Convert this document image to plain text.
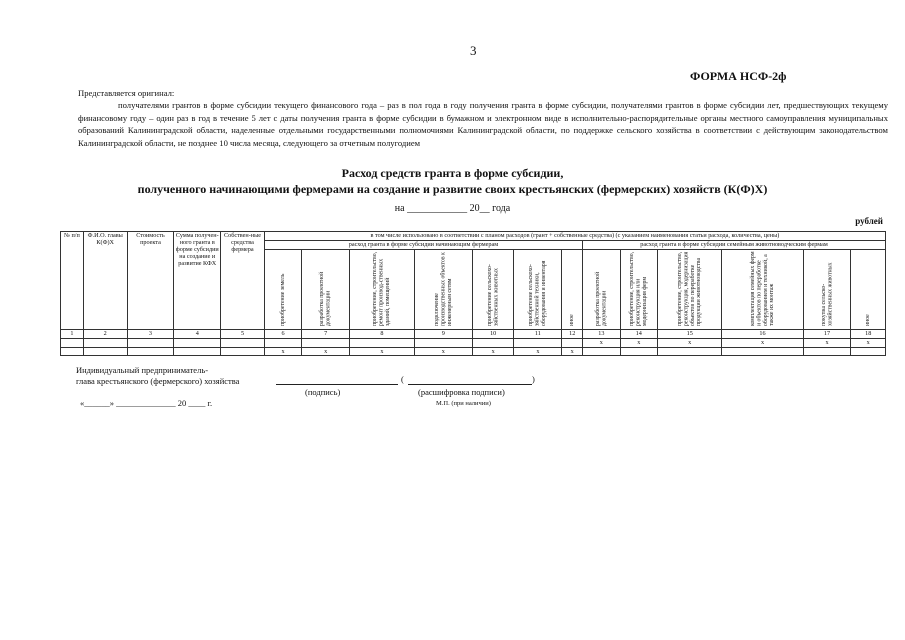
3
ФОРМА НСФ-2ф
Представляется оригинал:
получателями грантов в форме субсидии текущего финансового года – раз в пол года в году получения гранта в форме субсидии, получателями грантов в форме субсидии лет, предшествующих текущему финансовому году – один раз в год в течение 5 лет с даты получения гранта в форме субсидии в бумажном и электронном виде в исполнительно-распорядительные органы местного самоуправления муниципальных образований Калининградской области, наделенные отдельными государственными полномочиями Калининградской области, по поддержке сельского хозяйства в соответствии с действующим законодательством Калининградской области, не позднее 10 числа месяца, следующего за отчетным полугодием
Расход средств гранта в форме субсидии,
полученного начинающими фермерами на создание и развитие своих крестьянских (фермерских) хозяйств (К(Ф)Х)
на ____________ 20__ года
рублей
№ п/п	Ф.И.О. главы К(Ф)Х	Стоимость проекта	Сумма получен-ного гранта в форме субсидии на создание и развитие КФХ	Собствен-ные средства фермера	в том числе использовано в соответствии с планом расходов (грант + собственные средства) (с указанием наименования статьи расхода, количества, цены)												
					расход гранта в форме субсидии начинающим фермерам							расход гранта в форме субсидии семейным животноводческим фермам					
					приобретение земель	разработка проектной документации	приобретение, строительство, ремонт производ-ственных зданий, помещений	подключение производственных объектов к инженерным сетям	приобретение сельскохо-зяйственных животных	приобретение сельскохо-зяйственной техники, оборудования и инвентаря	иное	разработка проектной документации	приобретение, строительство, реконструкция или модернизация ферм	приобретение, строительство, реконструкция, модернизация объектов по переработке продукции животноводства	комплектация семейных ферм и объектов по переработке оборудованием и техникой, а также их монтаж	покупка сельско-хозяйственных животных	иное
1	2	3	4	5	6	7	8	9	10	11	12	13	14	15	16	17	18
												х	х	х	х	х	х
					х	х	х	х	х	х	х						
Индивидуальный предприниматель-
глава крестьянского (фермерского) хозяйства	(	)
(подпись)	(расшифровка подписи)
«______» ______________ 20 ____ г.	М.П. (при наличии)
